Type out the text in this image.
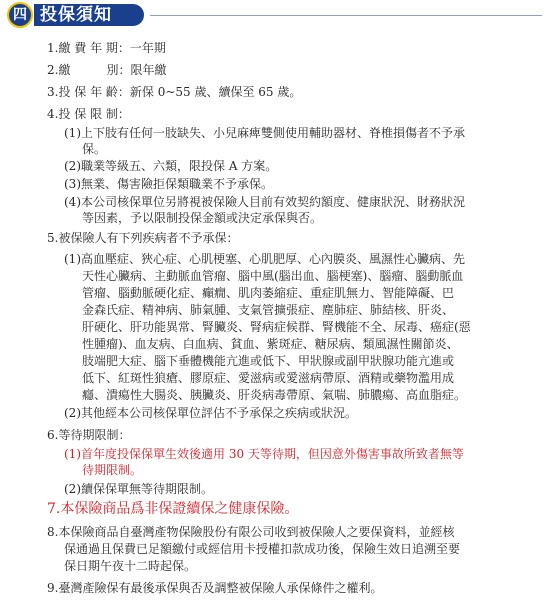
四 投保須知
1.繳 費 年 期：一年期
2.繳　　　別：限年繳
3.投 保 年 齡：新保 0~55 歲、續保至 65 歲。
4.投 保 限 制：
(1)上下肢有任何一肢缺失、小兒麻痺雙側使用輔助器材、脊椎損傷者不予承
保。
(2)職業等級五、六類，限投保 A 方案。
(3)無業、傷害險拒保類職業不予承保。
(4)本公司核保單位另將視被保險人目前有效契約額度、健康狀況、財務狀況
等因素，予以限制投保金額或決定承保與否。
5.被保險人有下列疾病者不予承保：
(1)高血壓症、狹心症、心肌梗塞、心肌肥厚、心內膜炎、風濕性心臟病、先
天性心臟病、主動脈血管瘤、腦中風(腦出血、腦梗塞)、腦瘤、腦動脈血
管瘤、腦動脈硬化症、癲癇、肌肉萎縮症、重症肌無力、智能障礙、巴
金森氏症、精神病、肺氣腫、支氣管擴張症、塵肺症、肺結核、肝炎、
肝硬化、肝功能異常、腎臟炎、腎病症候群、腎機能不全、尿毒、癌症(惡
性腫瘤)、血友病、白血病、貧血、紫斑症、糖尿病、類風濕性關節炎、
肢端肥大症、腦下垂體機能亢進或低下、甲狀腺或副甲狀腺功能亢進或
低下、紅斑性狼瘡、膠原症、愛滋病或愛滋病帶原、酒精或藥物濫用成
癮、潰瘍性大腸炎、胰臟炎、肝炎病毒帶原、氣喘、肺膿瘍、高血脂症。
(2)其他經本公司核保單位評估不予承保之疾病或狀況。
6.等待期限制：
(1)首年度投保保單生效後適用 30 天等待期，但因意外傷害事故所致者無等
待期限制。
(2)續保保單無等待期限制。
7.本保險商品爲非保證續保之健康保險。
8.本保險商品自臺灣產物保險股份有限公司收到被保險人之要保資料，並經核
保通過且保費已足額繳付或經信用卡授權扣款成功後，保險生效日追溯至要
保日期午夜十二時起保。
9.臺灣產險保有最後承保與否及調整被保險人承保條件之權利。
